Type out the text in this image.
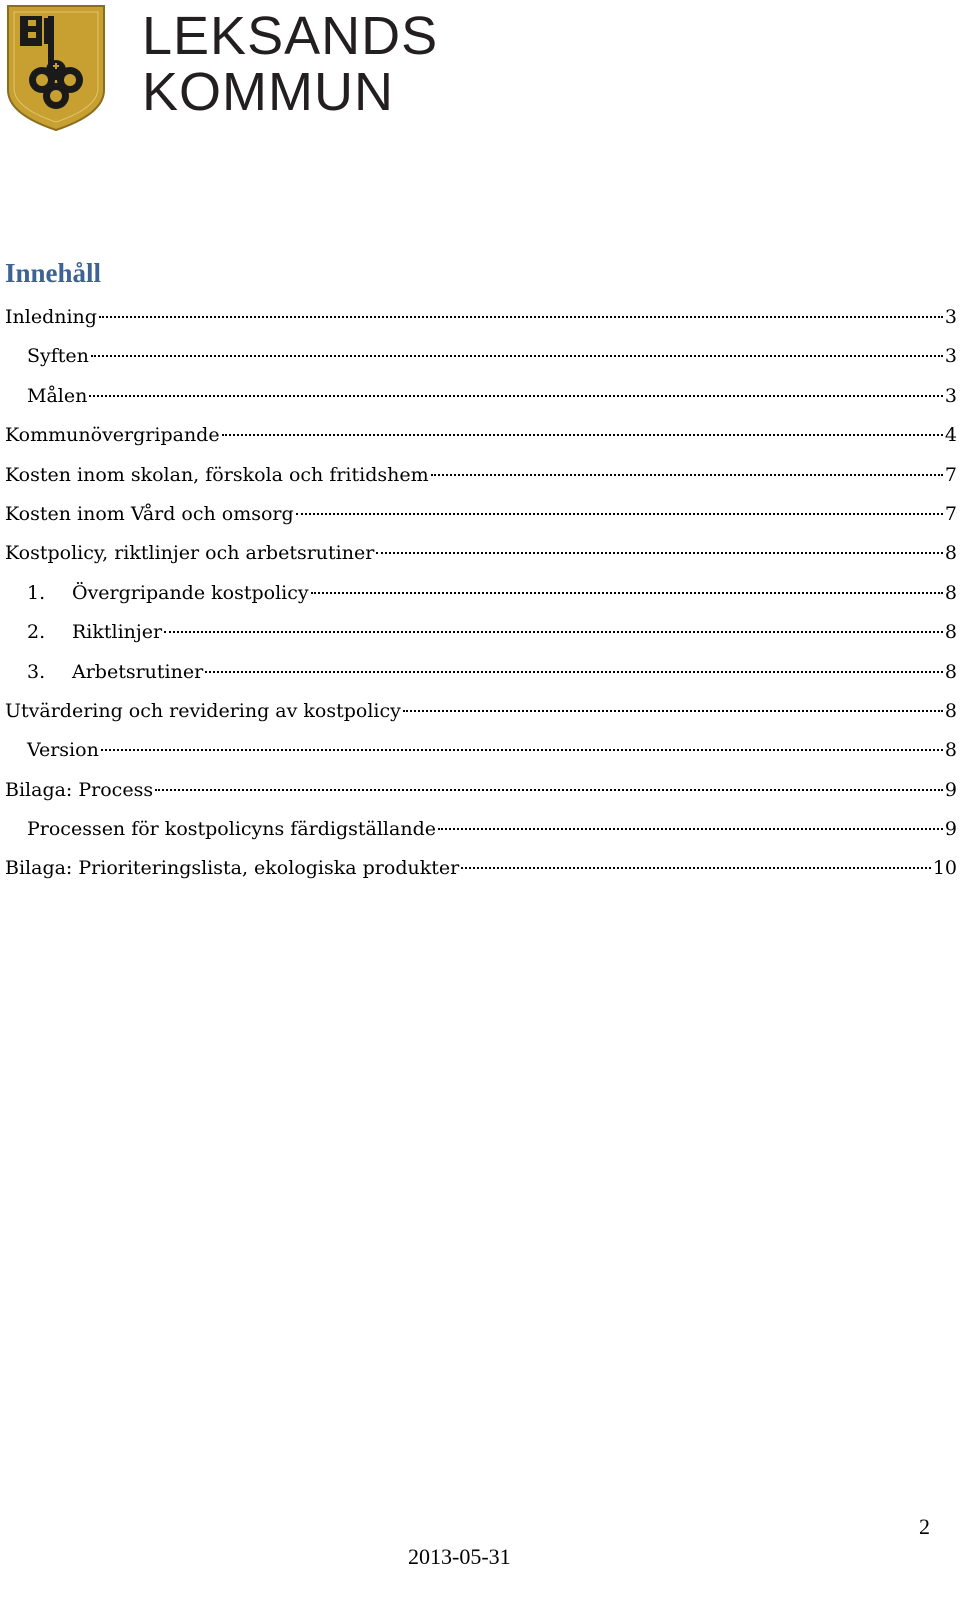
LEKSANDS
KOMMUN
Innehåll
Inledning	3
Syften	3
Målen	3
Kommunövergripande	4
Kosten inom skolan, förskola och fritidshem	7
Kosten inom Vård och omsorg	7
Kostpolicy, riktlinjer och arbetsrutiner	8
1.	Övergripande kostpolicy	8
2.	Riktlinjer	8
3.	Arbetsrutiner	8
Utvärdering och revidering av kostpolicy	8
Version	8
Bilaga: Process	9
Processen för kostpolicyns färdigställande	9
Bilaga: Prioriteringslista, ekologiska produkter	10
2
2013-05-31
